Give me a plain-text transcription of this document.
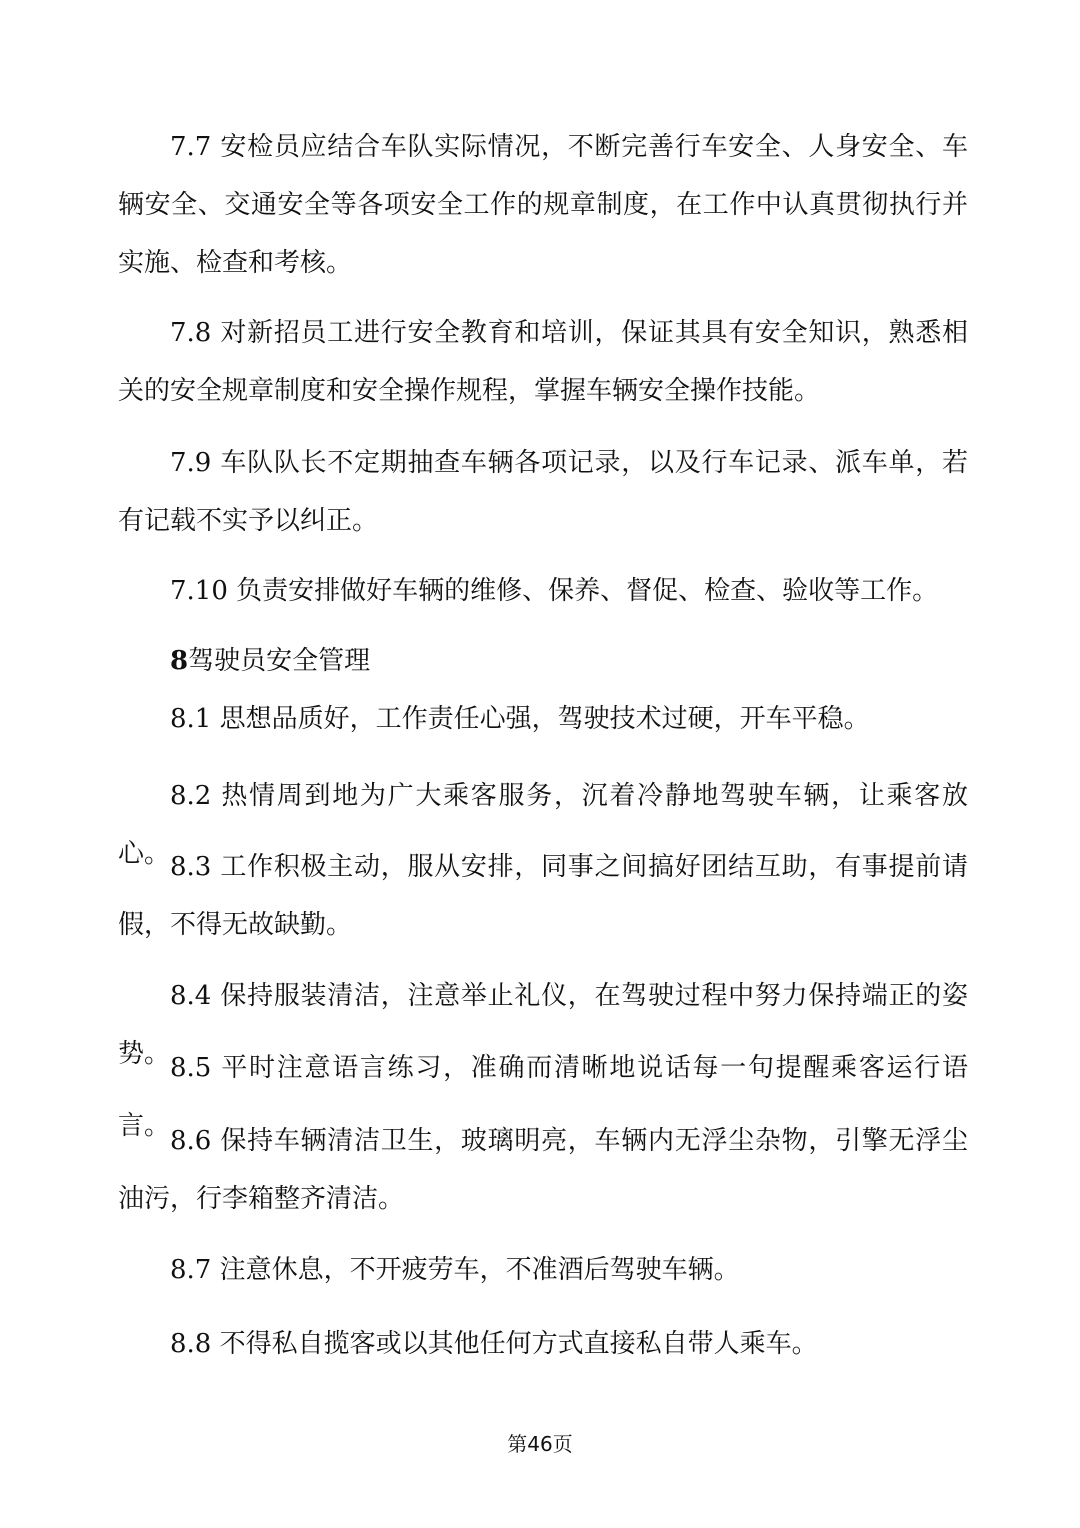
7.7 安检员应结合车队实际情况，不断完善行车安全、人身安全、车辆安全、交通安全等各项安全工作的规章制度，在工作中认真贯彻执行并实施、检查和考核。

7.8 对新招员工进行安全教育和培训，保证其具有安全知识，熟悉相关的安全规章制度和安全操作规程，掌握车辆安全操作技能。

7.9 车队队长不定期抽查车辆各项记录，以及行车记录、派车单，若有记载不实予以纠正。

7.10 负责安排做好车辆的维修、保养、督促、检查、验收等工作。

8驾驶员安全管理

8.1 思想品质好，工作责任心强，驾驶技术过硬，开车平稳。

8.2 热情周到地为广大乘客服务，沉着冷静地驾驶车辆，让乘客放心。 8.3 工作积极主动，服从安排，同事之间搞好团结互助，有事提前请假，不得无故缺勤。

8.4 保持服装清洁，注意举止礼仪，在驾驶过程中努力保持端正的姿势。 8.5 平时注意语言练习，准确而清晰地说话每一句提醒乘客运行语言。 8.6 保持车辆清洁卫生，玻璃明亮，车辆内无浮尘杂物，引擎无浮尘油污，行李箱整齐清洁。

8.7 注意休息，不开疲劳车，不准酒后驾驶车辆。

8.8 不得私自揽客或以其他任何方式直接私自带人乘车。

第46页
